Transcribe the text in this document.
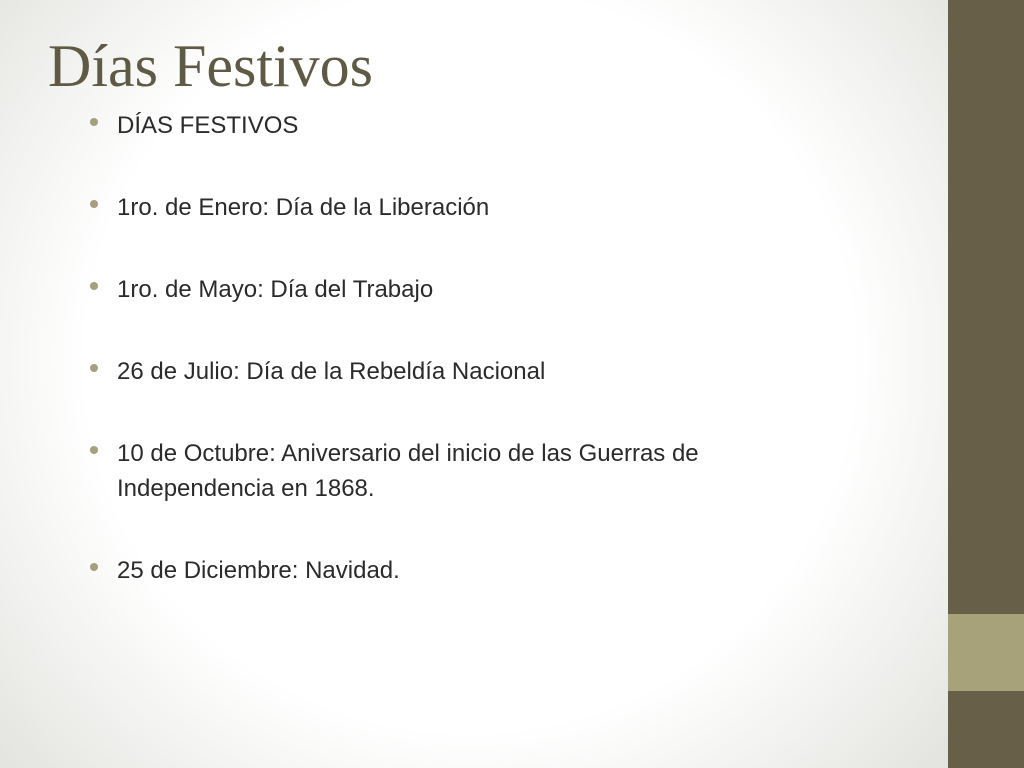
Días Festivos
DÍAS FESTIVOS
1ro. de Enero: Día de la Liberación
1ro. de Mayo: Día del Trabajo
26 de Julio: Día de la Rebeldía Nacional
10 de Octubre: Aniversario del inicio de las Guerras de Independencia en 1868.
25 de Diciembre: Navidad.
